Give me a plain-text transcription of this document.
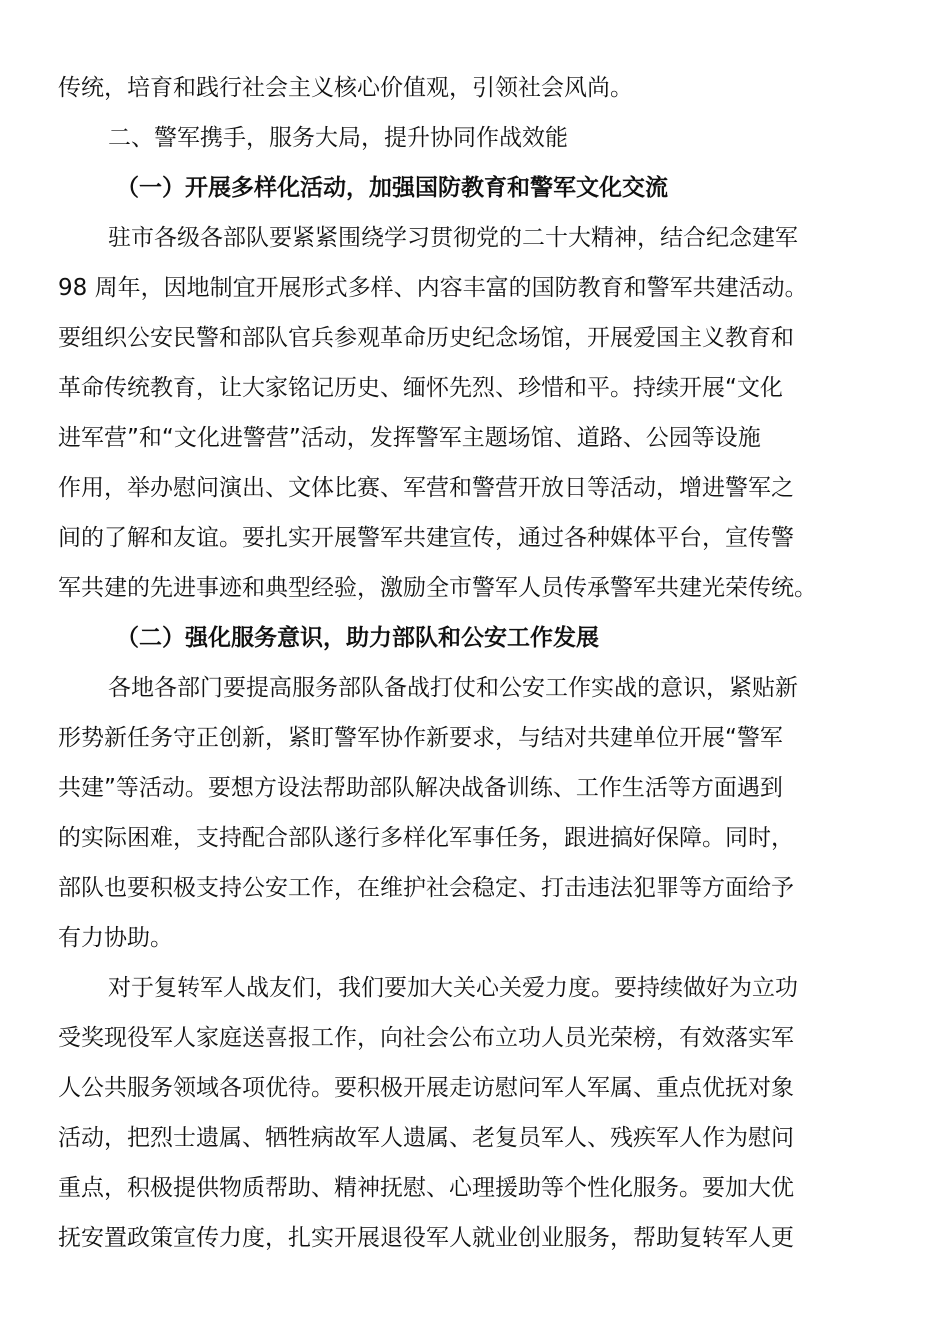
传统，培育和践行社会主义核心价值观，引领社会风尚。
二、警军携手，服务大局，提升协同作战效能
（一）开展多样化活动，加强国防教育和警军文化交流
驻市各级各部队要紧紧围绕学习贯彻党的二十大精神，结合纪念建军
98 周年，因地制宜开展形式多样、内容丰富的国防教育和警军共建活动。
要组织公安民警和部队官兵参观革命历史纪念场馆，开展爱国主义教育和
革命传统教育，让大家铭记历史、缅怀先烈、珍惜和平。持续开展“文化
进军营”和“文化进警营”活动，发挥警军主题场馆、道路、公园等设施
作用，举办慰问演出、文体比赛、军营和警营开放日等活动，增进警军之
间的了解和友谊。要扎实开展警军共建宣传，通过各种媒体平台，宣传警
军共建的先进事迹和典型经验，激励全市警军人员传承警军共建光荣传统。
（二）强化服务意识，助力部队和公安工作发展
各地各部门要提高服务部队备战打仗和公安工作实战的意识，紧贴新
形势新任务守正创新，紧盯警军协作新要求，与结对共建单位开展“警军
共建”等活动。要想方设法帮助部队解决战备训练、工作生活等方面遇到
的实际困难，支持配合部队遂行多样化军事任务，跟进搞好保障。同时，
部队也要积极支持公安工作，在维护社会稳定、打击违法犯罪等方面给予
有力协助。
对于复转军人战友们，我们要加大关心关爱力度。要持续做好为立功
受奖现役军人家庭送喜报工作，向社会公布立功人员光荣榜，有效落实军
人公共服务领域各项优待。要积极开展走访慰问军人军属、重点优抚对象
活动，把烈士遗属、牺牲病故军人遗属、老复员军人、残疾军人作为慰问
重点，积极提供物质帮助、精神抚慰、心理援助等个性化服务。要加大优
抚安置政策宣传力度，扎实开展退役军人就业创业服务，帮助复转军人更
